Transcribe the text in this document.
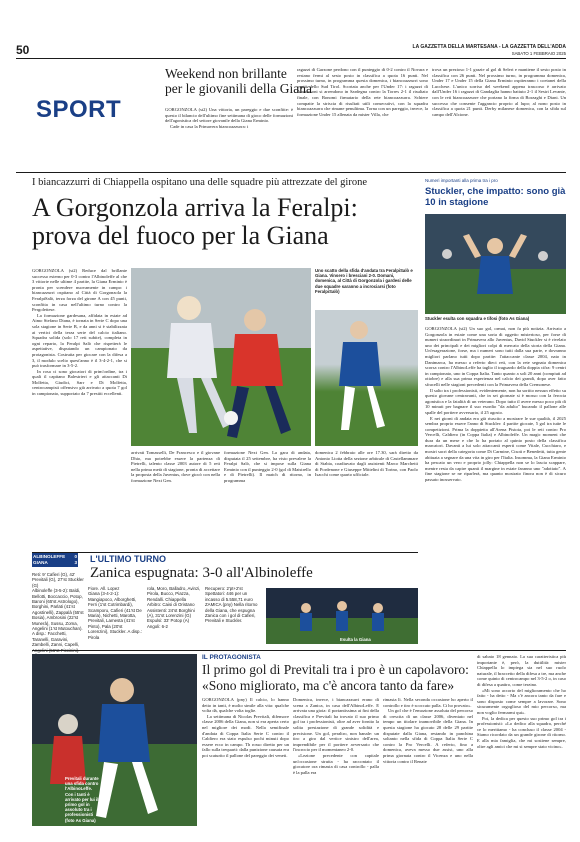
50	LA GAZZETTA DELLA MARTESANA - LA GAZZETTA DELL'ADDA
SABATO 1 FEBBRAIO 2025
SPORT
Weekend non brillante
per le giovanili della Giana

GORGONZOLA (st2) Una vittoria, un pareggio e due sconfitte: è questo il bilancio dell'ultimo fine settimana di gioco delle formazioni dell'agonistica del settore giovanile della Giana Erminio.

Cade in casa la Primavera biancoazzurra: i

ragazzi di Garzone perdono con il punteggio di 0-2 contro il Novara e restano fermi al sesto posto in classifica a quota 16 punti. Nel prossimo turno, in programma questa domenica, i biancoazzurri sono ospiti dello Sud Tirol. Scortata anche per l'Under 17: i ragazzi di Ambrosoni si arrendono in Sardegna contro la Torres 2-1 il risultato finale, con Bonomi firmatario della rete biancoazzurra. Schiere compatte la striscia di risultati utili consecutivi, con la squadra biancoazzurra che rimane penultima. Torna con un pareggio, invece, la formazione Under 15 allenata da mister Villa, che

trova un prezioso 1-1 grazie al gol di Seleri e mantiene il sesto posto in classifica con 26 punti. Nel prossimo turno, in programma domenica, Under 17 e Under 15 della Giana Erminio ospiteranno i coetanei della Lucchese. L'unico sorriso del weekend appena trascorso è arrivato dall'Under 16 i ragazzi di Gandaglia hanno battuto 2-1 il Sestri Levante, con le reti biancoazzurre che portano la firma di Borzaghi e Diani. Un successo che consente l'aggancio proprio al lupo; al nono posto in classifica a quota 21 punti. Derby milanese domenica, con la sfida sul campo dell'Alcione.

I biancazzurri di Chiappella ospitano una delle squadre più attrezzate del girone
A Gorgonzola arriva la Feralpi:
prova del fuoco per la Giana

GORGONZOLA (st2) Reduce dal brillante successo esterno per 0-3 contro l'Albinoleffe al che 3 vittorie nelle ultime 4 partite, la Giana Erminio è pronta per scendere nuovamente in campo: i biancazzurri ospitano al Città di Gorgonzola la FeralpiSalò, terza forza del girone A con 45 punti, sconfitta in casa nell'ultimo turno contro la Pergolettese.

La formazione gardesana, affidata in estate ad Aimo Stefano Diana, è tornata in Serie C dopo una sola stagione in Serie B, e da anni si è stabilizzata ai vertici della terza serie del calcio italiano. Squadra solida (solo 17 reti subite), completa in ogni reparto, la Feralpi Salò che rispetterà le aspettative, disputando un campionato da protagonista. Costruita per giocare con la difesa a 3, il modulo scelto quest'anno è il 3-4-2-1, che si può trasformare in 3-5-2.

In rosa ci sono giocatori di prim'ordine, tra i quali il capitano Balestrieri e gli attaccanti Di Molfetta, Giudici, Sarr e Di Molfetta, centrocampisti offensivo già arrivato a quota 7 gol in campionato, supportato da 7 prestiti eccellenti.

Uno scatto della sfida d'andata tra FeralpiSalò e Giana. Vinsero i bresciani 2-0. Domani, domenica, al Città di Gorgonzola i gardesi delle due squadre saranno a incrociarsi (foto FeralpiSalò)

arrivati Tomasselli, De Francesco e il giovane Dhio, ma potrebbe essere la partenza di Pietrelli, talento classe 2003 autore di 5 reti nella prima metà di stagione, pronta di accettare la proposta della Juventus, dove giocò con nella formazione Next Gen.

formazione Next Gen. La gara di andata, disputata il 25 settembre, ha visto prevalere la Feralpi Salò, che si impose sulla Giana Erminio con il punteggio 2-0 (gol di Maistrello e di Pietrelli). Il match di ritorno, in programma

domenica 2 febbraio alle ore 17.30, sarà diretto da Antonio Liotta della sezione arbitrale di Castellammare di Stabia, coadiuvato dagli assistenti Marco Marchetti di Pordenone e Giuseppe Mittelini di Torino, con Paolo Isacchi come quarto ufficiale.

Numeri importanti alla prima tra i pro
Stuckler, che impatto: sono già 10 in stagione
Stuckler esulta con squadra e tifosi (foto As Giana)

GORGONZOLA (st2) Un suo gol, ormai, non fa più notizia. Arrivato a Gorgonzola in estate come una sorta di oggetto misterioso, per forse di numeri straordinari in Primavera allo Juventus, David Stuckler si è rivelato uno dei principali e dei migliori colpi di mercato della storia della Giana. Un'esagerazione, forse, ma i numeri sono tutti dalla sua parte, e dovranno migliori parlano tutti dopo partite: l'attaccante classe 2004, nato in Danimarca, ha messo a referto dieci reti, con la rete segnata domenica scorsa contro l'AlbinoLeffe ha taglio il traguardo della doppia cifra: 9 centri in campionato, uno in Coppa Italia. Tanto quanto a soli 20 anni (compiuti ad ottobre) e alla sua prima esperienza nel calcio dei grandi, dopo aver fatto sfracelli nelle stagioni precedenti con la Primavera della Cremonese.

Il salto tra i professionisti, evidentemente, non ha sortito nessun effetto su questo giovane centravanti, che in sei giornate si è mosso con la ferocia agonistica e la fatalità di un veterano. Dopo tutto il avere messo poco più di 10 minuti per bagnare il suo esordio "da adulto" bucando il pallone alle spalle del portiere avversario, il 25 agosto.

E nei giorni di andata era già riuscito a mostrare le sue qualità, il 2025 sembra proprio essere l'anno di Stuckler: 4 partite giocate, 5 gol tra tutte le competizioni. Prima la doppietta all'Arena Pistoia, poi le reti contro Pro Vercelli, Caldiero (in Coppa Italia) e Albinoleffe. Un magic moment che dura da un mese e che lo ha portato al quinto posto della classifica marcatori. Davanti a lui solo attaccanti esperti come Vitale, Cucchiaro, e mostri sacri della categoria come Di Carmine, Cisoti e Benedetti, tutta gente abituata a segnare da una vita in giro per l'Italia. Insomma, la Giana Erminio ha pescato un vero e proprio jolly: Chiappella non se lo lascia scappare, mentre resta da capire quanti il margine in estate faranno uno "adottato". A fine stagione se ne riparlerà, ma quanto mostrato finora non è di sicuro passato inosservato.

ALBINOLEFFE 0
GIANA	3 L'ULTIMO TURNO
Zanica espugnata: 3-0 all'Albinoleffe
Reti: 9' Cafieri (G), 42' Previtali (G), 27'st Stuckler (G)
Albinoleffe (3-5-2): Baldi, Bellotti, Boccaccio, Potop, Baroni (65'st Astrologo), Borghini, Parlati (41'st Agostinelli), Zappalà (55'st Bosia), Ambrosini (22'st Munerà), Sussu, Zoma, Angelini (1'st Mutouchan). A disp.: Facchetti, Taranelli, Garavini, Zambelli, Zanni, Capelli,
Fiore. All. Lopez
Giana (3-4-2-1): Mangiapoco, Alborghetti, Ferri (1'st Cotrimbardi), Scamporu, Cafieri (41'st De Maria), Nichetti, Marotta, Previtali, Lamesta (41'st Pinto), Pala (20'st Lorenzini), Stuckler. A disp.: Pirola
rola, Moro, Balladro, Avinzi, Pirola, Bucco, Piazza, Rendalli. Chiappella
Arbitro: Caisi di Oristano
Assistenti: 24'st Borghini (A), 31'st Lorenzini (G)
Espulsi: 33' Potop (A)
Angoli: 6-2
Recupero: 2'pt+2'st
Spettatori: 446 per un incasso di 5.558,71 euro
ZAMICA (pny) Nella ritorno della Giana, che espugna Zanica con i gol di Cafieri, Previtali e Stuckler.
Esulta la Giana
Previtali durante una sfida contro l'AlbinoLeffe. Con i tanti è arrivato per lui il primo gol in assoluto tra i professionisti (foto As Giana)
IL PROTAGONISTA
Il primo gol di Previtali tra i pro è un capolavoro:
«Sono migliorato, ma c'è ancora tanto da fare»

GORGONZOLA (pny) Il calcio, lo hanno detto in tanti, è molto simile alla vita: qualche volta dà, qualche volta toglie.

La settimana di Nicolas Previtali, difensore classe 2006 della Giana, non si era aperta certo nel migliore dei modi. Nella semifinale d'andata di Coppa Italia Serie C contro il Caldiero era stato espulso pochi minuti dopo essere ecco in campo. Th rosso diretto per un fallo sulla trequarti: dalla punizione causata era poi scaturito il pallone del pareggio dei veneti.

Domenica, invece, i biancazzurri erano di scena a Zanica, in casa dell'AlbinoLeffe. E arrivata una gioia: il portantissima ai fini della classifica e Previtali ha trovato il suo primo gol tra i professionisti, oltre ad aver fornito la solita prestazione di grande solidità e precisione. Un gol, peraltro, non banale: un tiro a giro dal vertice sinistro dell'area, imprendibile per il portiere avversario che l'incrocio per il momentaneo 2-0.

«Lezione precedente con capitale un'occasione strutta - ha raccontato il giocatore ora rimasta di casa controllo - palla è la palla era

rimasta lì. Nella seconda occasione ho aperto il controllo e tiro è scoccato palla. Ci ho provato».

Un gol che è l'emozione assoluta del percorso di crescita di un classe 2006, diventato nel tempo un titolare inamovibile della Giana. In questa stagione ha giocato 28 delle 29 partite disputate dalla Giana, restando in panchina soltanto nella sfida di Coppa Italia Serie C contro la Pro Vercelli. A referto, fino a domenica, aveva messo due assist, uno alla prima giornata contro il Vicenza e uno nella vittoria contro il Renate

di sabato 18 gennaio. La sua caratteristica più importante è, però, la duttilità: mister Chiappella lo impiega sia nel suo ruolo naturale, il braccetto della difesa a tre, ma anche come quinto di centrocampo nel 3-5-2 o, in caso di difesa a quattro, come terzino.

«Mi sono accorto del miglioramento che ho fatto - ha detto - Ma c'è ancora tanto da fare e sono disposto come sempre a lavorare. Sono sicuramente orgoglioso del mio percorso, ma non voglio fermarmi qui».

Poi, la dedica per questo suo primo gol tra i professionisti: «Lo dedico alla squadra, perché ce lo meritiamo - ha concluso il classe 2004 - Siamo ricordato da un grande girone di ritorno. E alla mia famiglia, che mi sostiene sempre, oltre agli amici che mi si sempre stato vicino».
